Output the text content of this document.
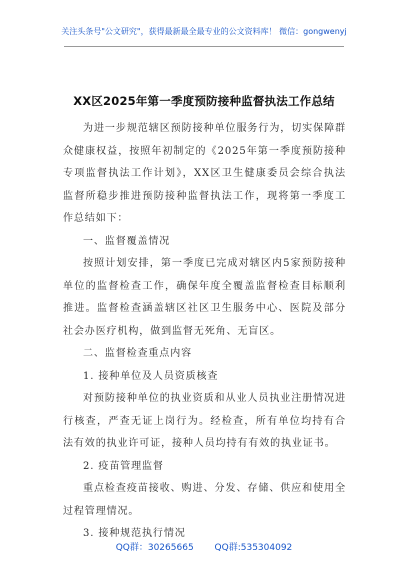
关注头条号"公文研究"，获得最新最全最专业的公文资料库！ 微信：gongwenyj
XX区2025年第一季度预防接种监督执法工作总结

为进一步规范辖区预防接种单位服务行为，切实保障群众健康权益，按照年初制定的《2025年第一季度预防接种专项监督执法工作计划》，XX区卫生健康委员会综合执法监督所稳步推进预防接种监督执法工作，现将第一季度工作总结如下：

一、监督覆盖情况

按照计划安排，第一季度已完成对辖区内5家预防接种单位的监督检查工作，确保年度全覆盖监督检查目标顺利推进。监督检查涵盖辖区社区卫生服务中心、医院及部分社会办医疗机构，做到监督无死角、无盲区。

二、监督检查重点内容

1. 接种单位及人员资质核查

对预防接种单位的执业资质和从业人员执业注册情况进行核查，严查无证上岗行为。经检查，所有单位均持有合法有效的执业许可证，接种人员均持有有效的执业证书。

2. 疫苗管理监督

重点检查疫苗接收、购进、分发、存储、供应和使用全过程管理情况。

3. 接种规范执行情况

QQ群：30265665 QQ群:535304092
